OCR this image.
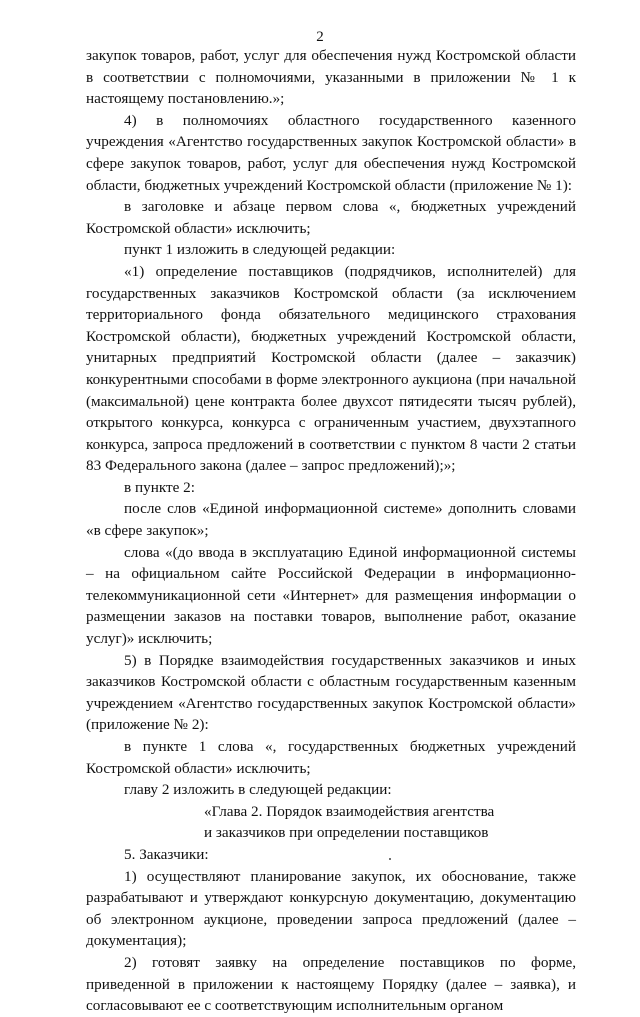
2

закупок товаров, работ, услуг для обеспечения нужд Костромской области в соответствии с полномочиями, указанными в приложении № 1 к настоящему постановлению.»;

4) в полномочиях областного государственного казенного учреждения «Агентство государственных закупок Костромской области» в сфере закупок товаров, работ, услуг для обеспечения нужд Костромской области, бюджетных учреждений Костромской области (приложение № 1):

в заголовке и абзаце первом слова «, бюджетных учреждений Костромской области» исключить;

пункт 1 изложить в следующей редакции:

«1) определение поставщиков (подрядчиков, исполнителей) для государственных заказчиков Костромской области (за исключением территориального фонда обязательного медицинского страхования Костромской области), бюджетных учреждений Костромской области, унитарных предприятий Костромской области (далее – заказчик) конкурентными способами в форме электронного аукциона (при начальной (максимальной) цене контракта более двухсот пятидесяти тысяч рублей), открытого конкурса, конкурса с ограниченным участием, двухэтапного конкурса, запроса предложений в соответствии с пунктом 8 части 2 статьи 83 Федерального закона (далее – запрос предложений);»;

в пункте 2:

после слов «Единой информационной системе» дополнить словами «в сфере закупок»;

слова «(до ввода в эксплуатацию Единой информационной системы – на официальном сайте Российской Федерации в информационно-телекоммуникационной сети «Интернет» для размещения информации о размещении заказов на поставки товаров, выполнение работ, оказание услуг)» исключить;

5) в Порядке взаимодействия государственных заказчиков и иных заказчиков Костромской области с областным государственным казенным учреждением «Агентство государственных закупок Костромской области» (приложение № 2):

в пункте 1 слова «, государственных бюджетных учреждений Костромской области» исключить;

главу 2 изложить в следующей редакции:

«Глава 2. Порядок взаимодействия агентства

и заказчиков при определении поставщиков

5. Заказчики:

1) осуществляют планирование закупок, их обоснование, также разрабатывают и утверждают конкурсную документацию, документацию об электронном аукционе, проведении запроса предложений (далее – документация);

2) готовят заявку на определение поставщиков по форме, приведенной в приложении к настоящему Порядку (далее – заявка), и согласовывают ее с соответствующим исполнительным органом
